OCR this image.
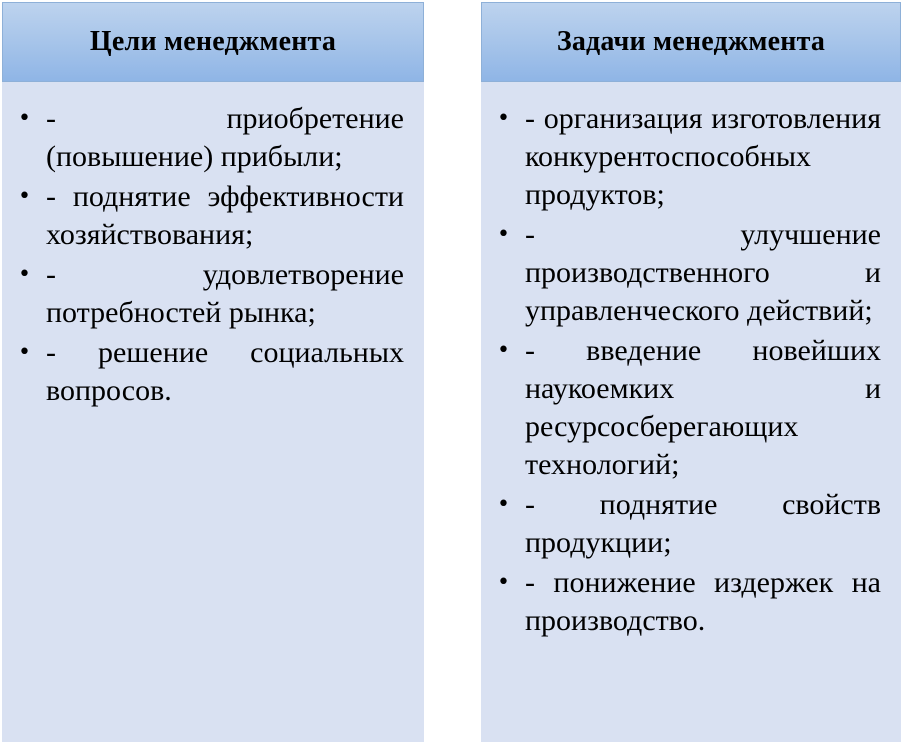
Цели менеджмента
• - приобретение (повышение) прибыли;
• - поднятие эффективности хозяйствования;
• - удовлетворение потребностей рынка;
• - решение социальных вопросов.
Задачи менеджмента
• - организация изготовления конкурентоспособных продуктов;
• - улучшение производственного и управленческого действий;
• - введение новейших наукоемких и ресурсосберегающих технологий;
• - поднятие свойств продукции;
• - понижение издержек на производство.
